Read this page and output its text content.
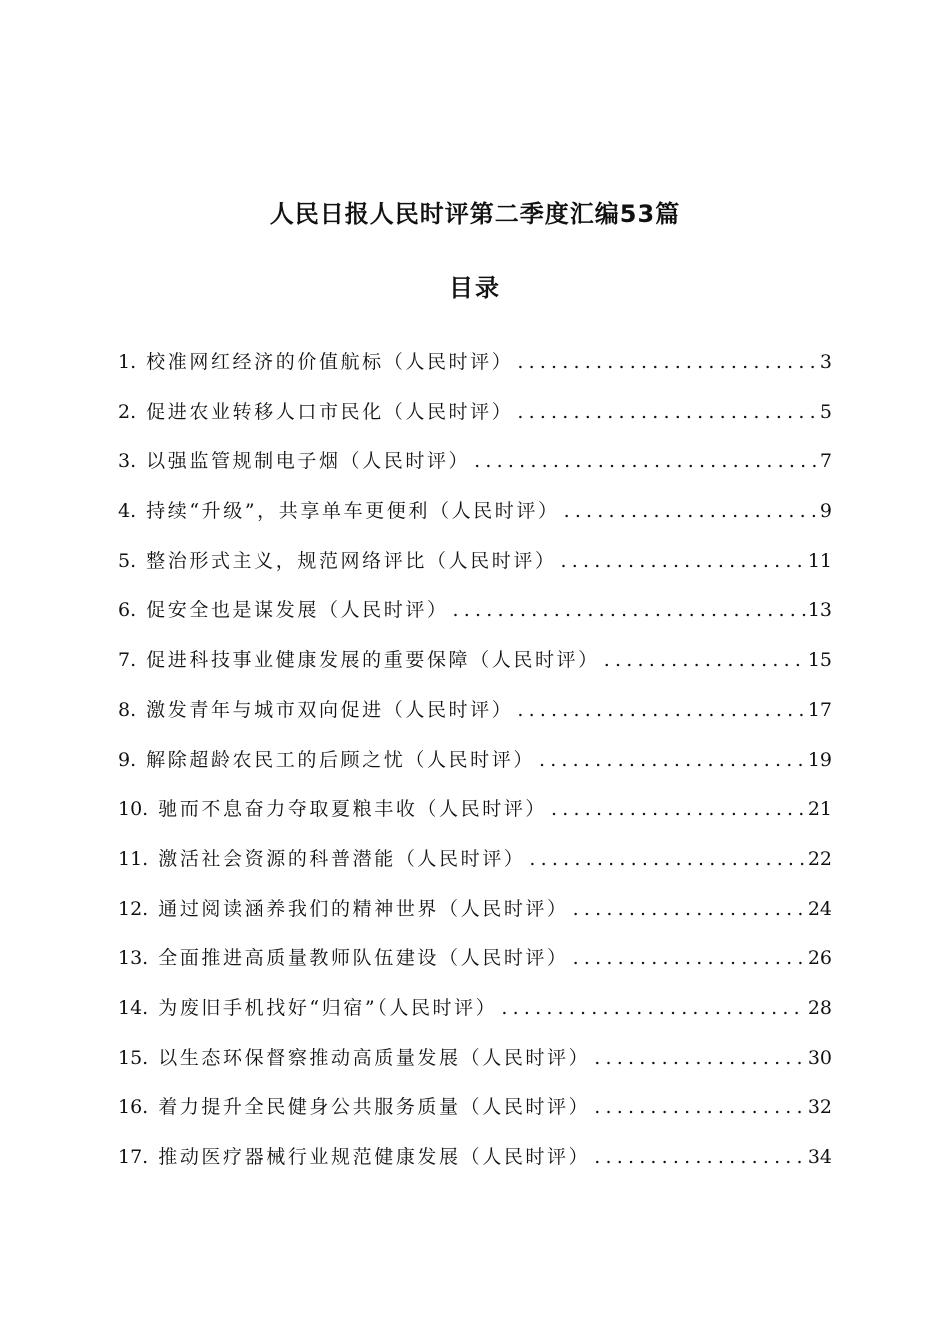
人民日报人民时评第二季度汇编53篇
目录
1. 校准网红经济的价值航标（人民时评） .....	3
2. 促进农业转移人口市民化（人民时评） .....	5
3. 以强监管规制电子烟（人民时评） .....	7
4. 持续“升级”，共享单车更便利（人民时评） .....	9
5. 整治形式主义，规范网络评比（人民时评） .....	11
6. 促安全也是谋发展（人民时评） .....	13
7. 促进科技事业健康发展的重要保障（人民时评） .....	15
8. 激发青年与城市双向促进（人民时评） .....	17
9. 解除超龄农民工的后顾之忧（人民时评） .....	19
10. 驰而不息奋力夺取夏粮丰收（人民时评） .....	21
11. 激活社会资源的科普潜能（人民时评） .....	22
12. 通过阅读涵养我们的精神世界（人民时评） .....	24
13. 全面推进高质量教师队伍建设（人民时评） .....	26
14. 为废旧手机找好“归宿”（人民时评） .....	28
15. 以生态环保督察推动高质量发展（人民时评） .....	30
16. 着力提升全民健身公共服务质量（人民时评） .....	32
17. 推动医疗器械行业规范健康发展（人民时评） .....	34
